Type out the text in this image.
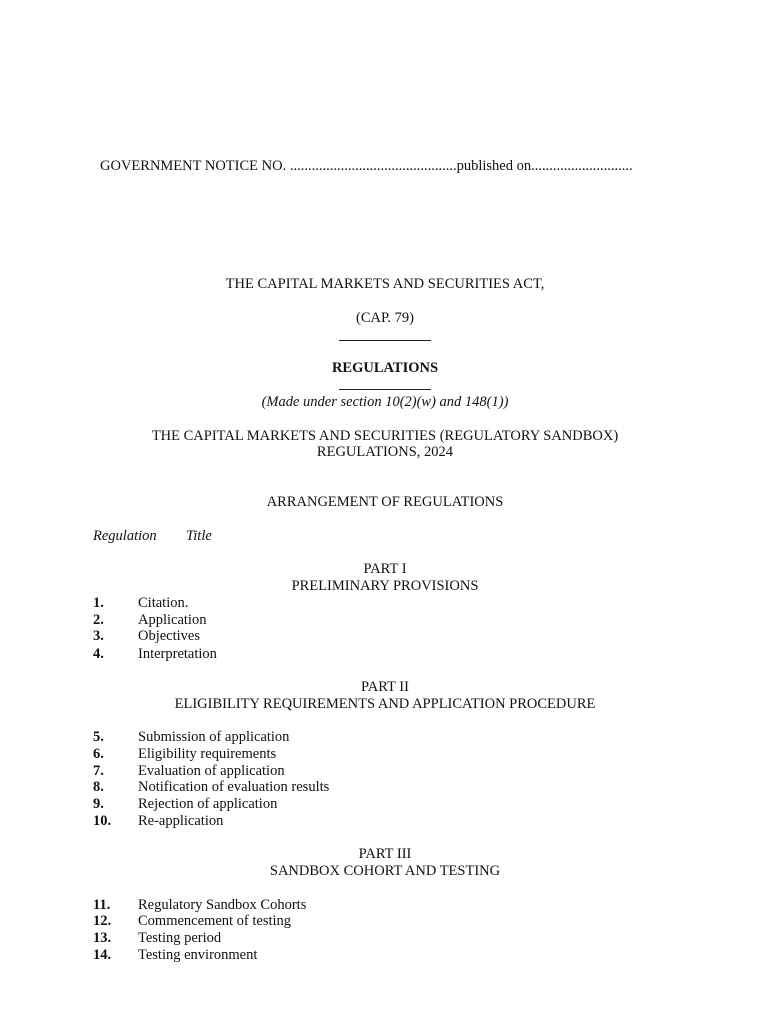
GOVERNMENT NOTICE NO. ..............................................published on............................
THE CAPITAL MARKETS AND SECURITIES ACT,
(CAP. 79)
REGULATIONS
(Made under section 10(2)(w) and 148(1))
THE CAPITAL MARKETS AND SECURITIES (REGULATORY SANDBOX)
REGULATIONS, 2024
ARRANGEMENT OF REGULATIONS
Regulation Title
PART I
PRELIMINARY PROVISIONS
1. Citation.
2. Application
3. Objectives
4. Interpretation
PART II
ELIGIBILITY REQUIREMENTS AND APPLICATION PROCEDURE
5. Submission of application
6. Eligibility requirements
7. Evaluation of application
8. Notification of evaluation results
9. Rejection of application
10. Re-application
PART III
SANDBOX COHORT AND TESTING
11. Regulatory Sandbox Cohorts
12. Commencement of testing
13. Testing period
14. Testing environment
